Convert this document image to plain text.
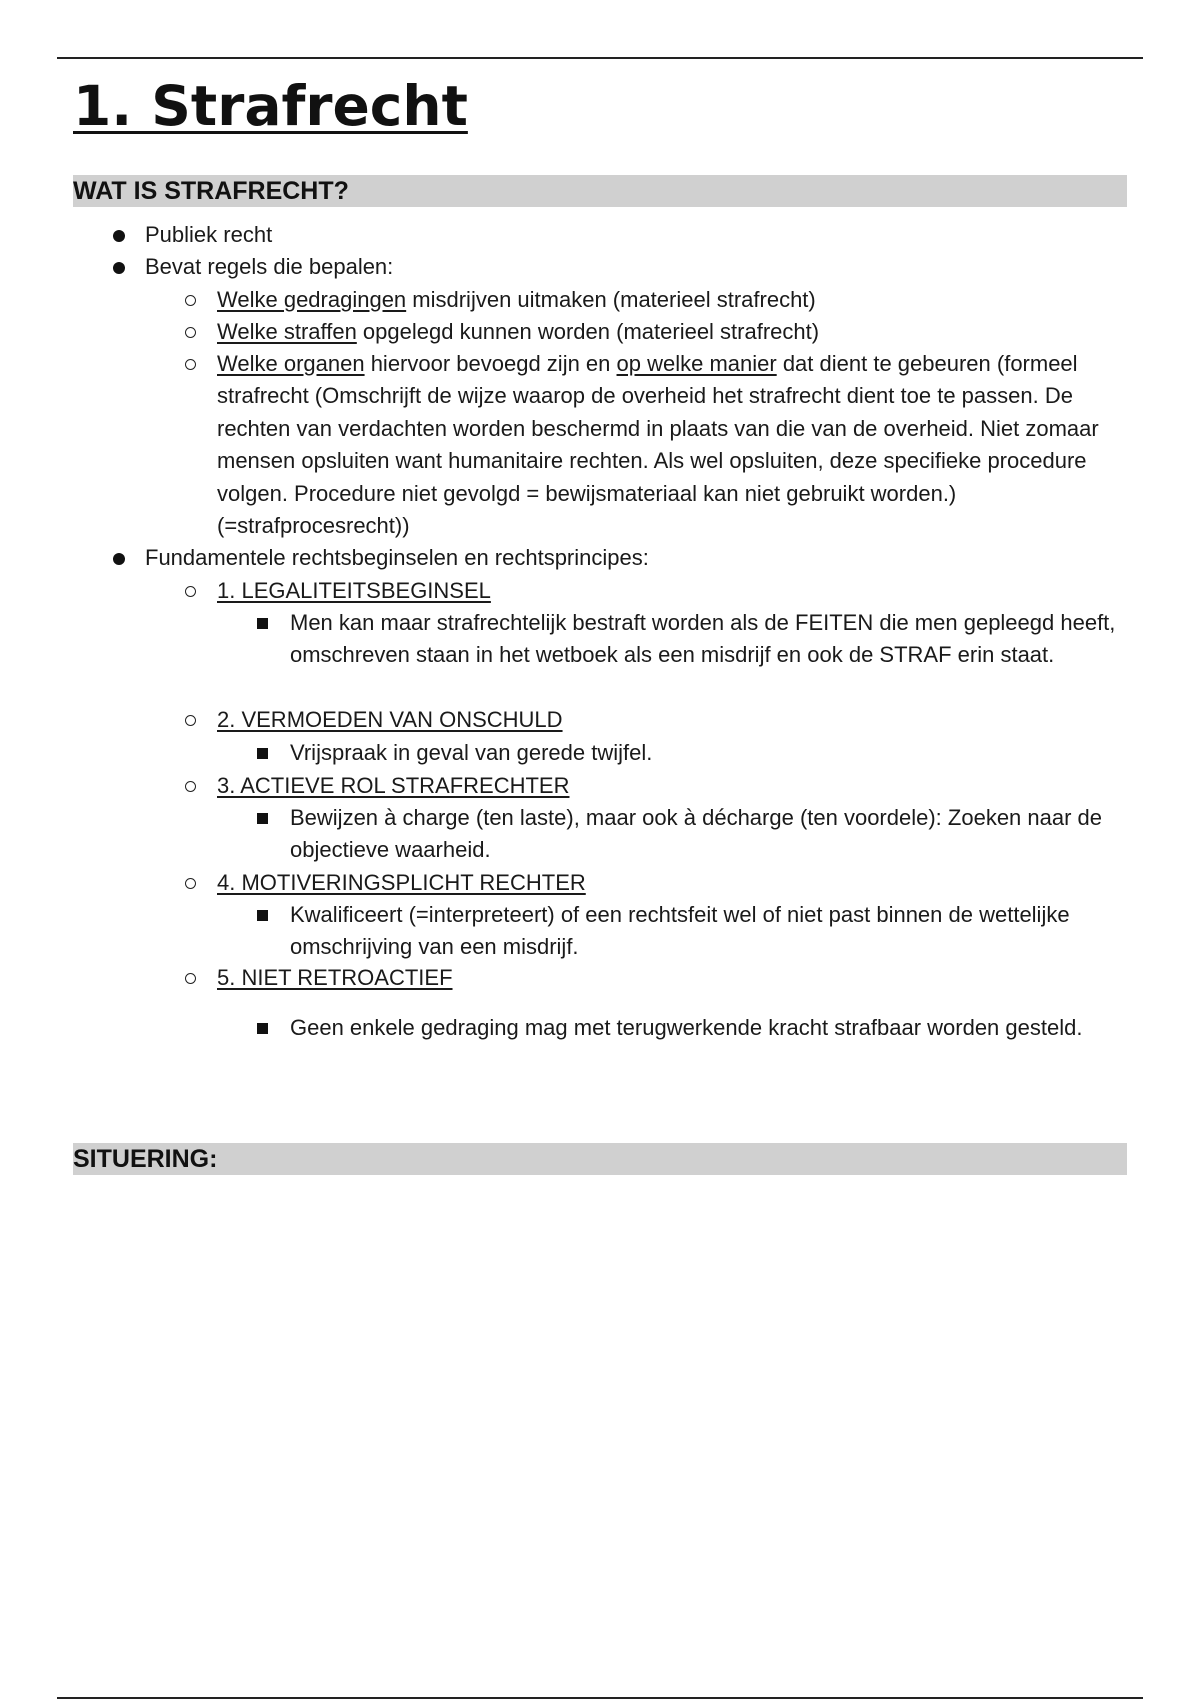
1. Strafrecht
WAT IS STRAFRECHT?
Publiek recht
Bevat regels die bepalen:
Welke gedragingen misdrijven uitmaken (materieel strafrecht)
Welke straffen opgelegd kunnen worden (materieel strafrecht)
Welke organen hiervoor bevoegd zijn en op welke manier dat dient te gebeuren (formeel strafrecht (Omschrijft de wijze waarop de overheid het strafrecht dient toe te passen. De rechten van verdachten worden beschermd in plaats van die van de overheid. Niet zomaar mensen opsluiten want humanitaire rechten. Als wel opsluiten, deze specifieke procedure volgen. Procedure niet gevolgd = bewijsmateriaal kan niet gebruikt worden.) (=strafprocesrecht))
Fundamentele rechtsbeginselen en rechtsprincipes:
1. LEGALITEITSBEGINSEL
Men kan maar strafrechtelijk bestraft worden als de FEITEN die men gepleegd heeft, omschreven staan in het wetboek als een misdrijf en ook de STRAF erin staat.
2. VERMOEDEN VAN ONSCHULD
Vrijspraak in geval van gerede twijfel.
3. ACTIEVE ROL STRAFRECHTER
Bewijzen à charge (ten laste), maar ook à décharge (ten voordele): Zoeken naar de objectieve waarheid.
4. MOTIVERINGSPLICHT RECHTER
Kwalificeert (=interpreteert) of een rechtsfeit wel of niet past binnen de wettelijke omschrijving van een misdrijf.
5. NIET RETROACTIEF
Geen enkele gedraging mag met terugwerkende kracht strafbaar worden gesteld.
SITUERING:
